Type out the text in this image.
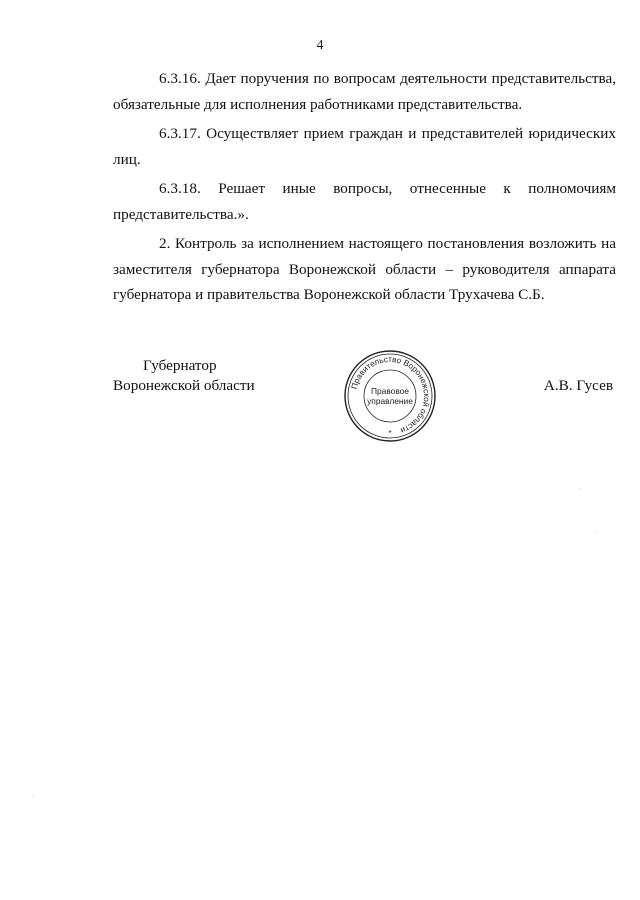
4

6.3.16. Дает поручения по вопросам деятельности представительства, обязательные для исполнения работниками представительства.

6.3.17. Осуществляет прием граждан и представителей юридических лиц.

6.3.18. Решает иные вопросы, отнесенные к полномочиям представительства.».

2. Контроль за исполнением настоящего постановления возложить на заместителя губернатора Воронежской области – руководителя аппарата губернатора и правительства Воронежской области Трухачева С.Б.

Губернатор
Воронежской области	Правительство Воронежской области
Правовое
управление
*
А.В. Гусев
